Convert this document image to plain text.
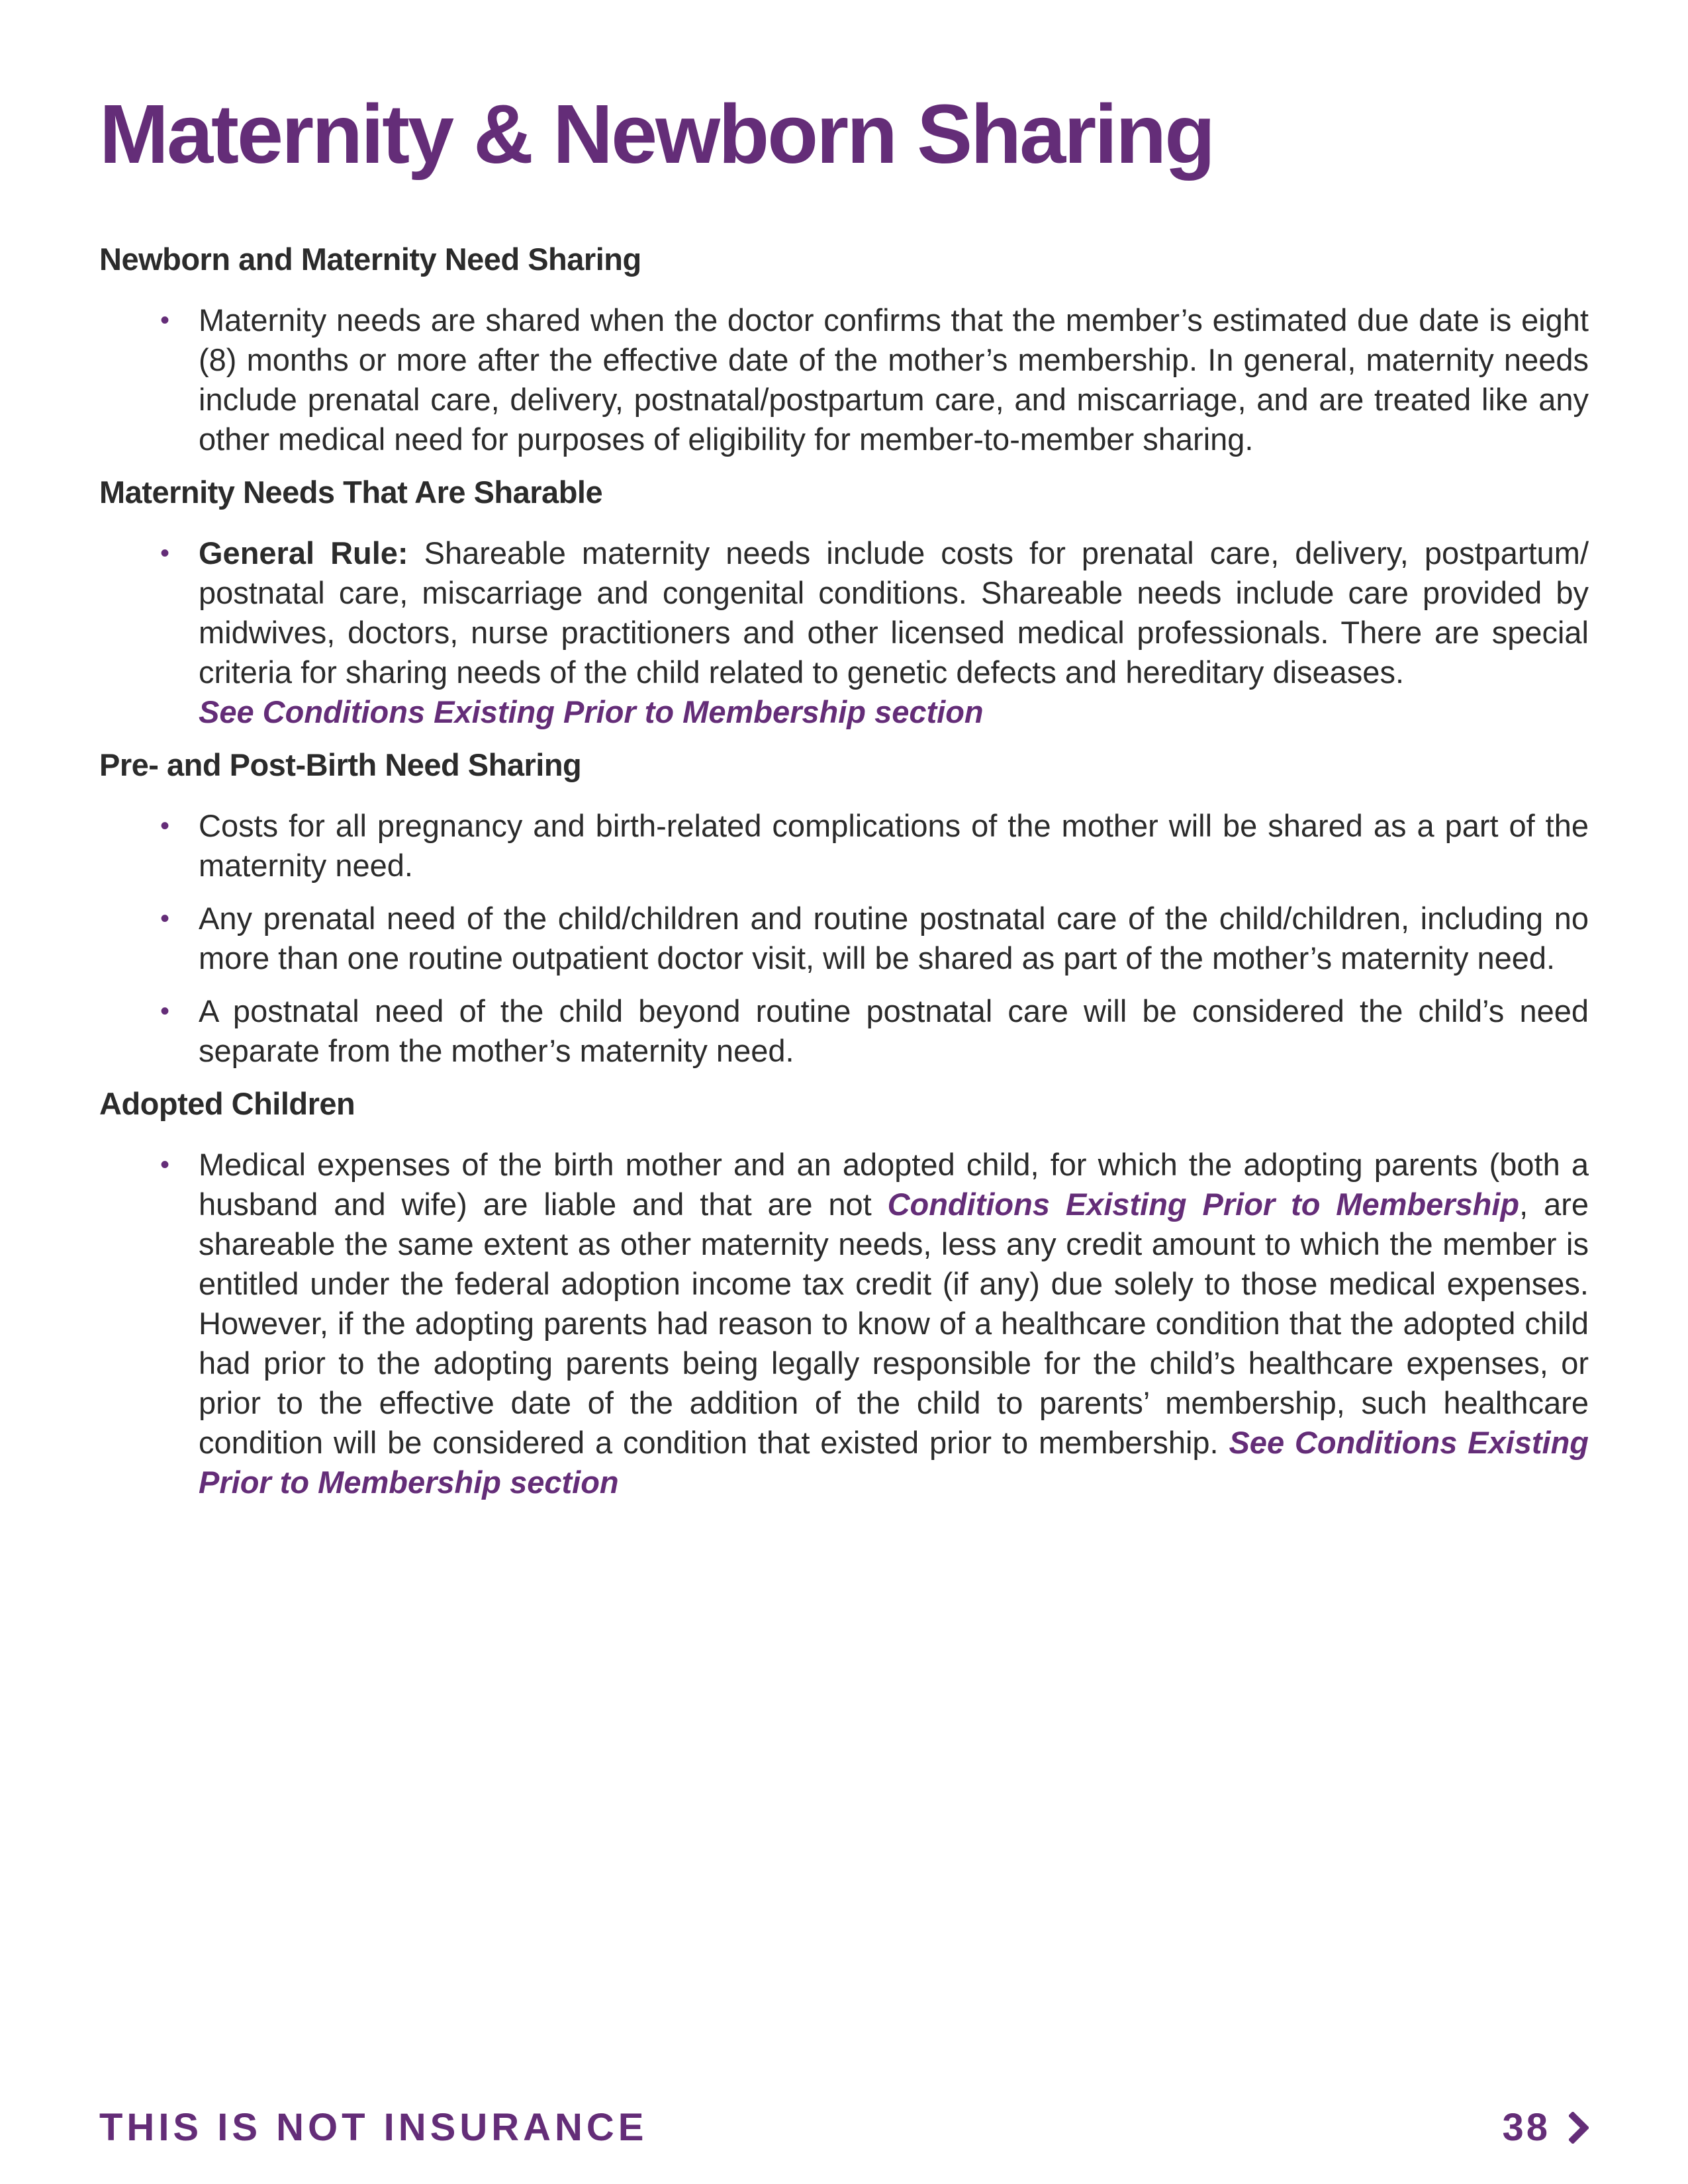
Maternity & Newborn Sharing
Newborn and Maternity Need Sharing
• Maternity needs are shared when the doctor confirms that the member’s estimated due date is eight (8) months or more after the effective date of the mother’s membership. In general, maternity needs include prenatal care, delivery, postnatal/postpartum care, and miscarriage, and are treated like any other medical need for purposes of eligibility for member-to-member sharing.
Maternity Needs That Are Sharable
• General Rule: Shareable maternity needs include costs for prenatal care, delivery, postpartum/ postnatal care, miscarriage and congenital conditions. Shareable needs include care provided by midwives, doctors, nurse practitioners and other licensed medical professionals. There are special criteria for sharing needs of the child related to genetic defects and hereditary diseases.
See Conditions Existing Prior to Membership section
Pre- and Post-Birth Need Sharing
• Costs for all pregnancy and birth-related complications of the mother will be shared as a part of the maternity need.
• Any prenatal need of the child/children and routine postnatal care of the child/children, including no more than one routine outpatient doctor visit, will be shared as part of the mother’s maternity need.
• A postnatal need of the child beyond routine postnatal care will be considered the child’s need separate from the mother’s maternity need.
Adopted Children
• Medical expenses of the birth mother and an adopted child, for which the adopting parents (both a husband and wife) are liable and that are not Conditions Existing Prior to Membership, are shareable the same extent as other maternity needs, less any credit amount to which the member is entitled under the federal adoption income tax credit (if any) due solely to those medical expenses. However, if the adopting parents had reason to know of a healthcare condition that the adopted child had prior to the adopting parents being legally responsible for the child’s healthcare expenses, or prior to the effective date of the addition of the child to parents’ membership, such healthcare condition will be considered a condition that existed prior to membership. See Conditions Existing Prior to Membership section
THIS IS NOT INSURANCE	38
